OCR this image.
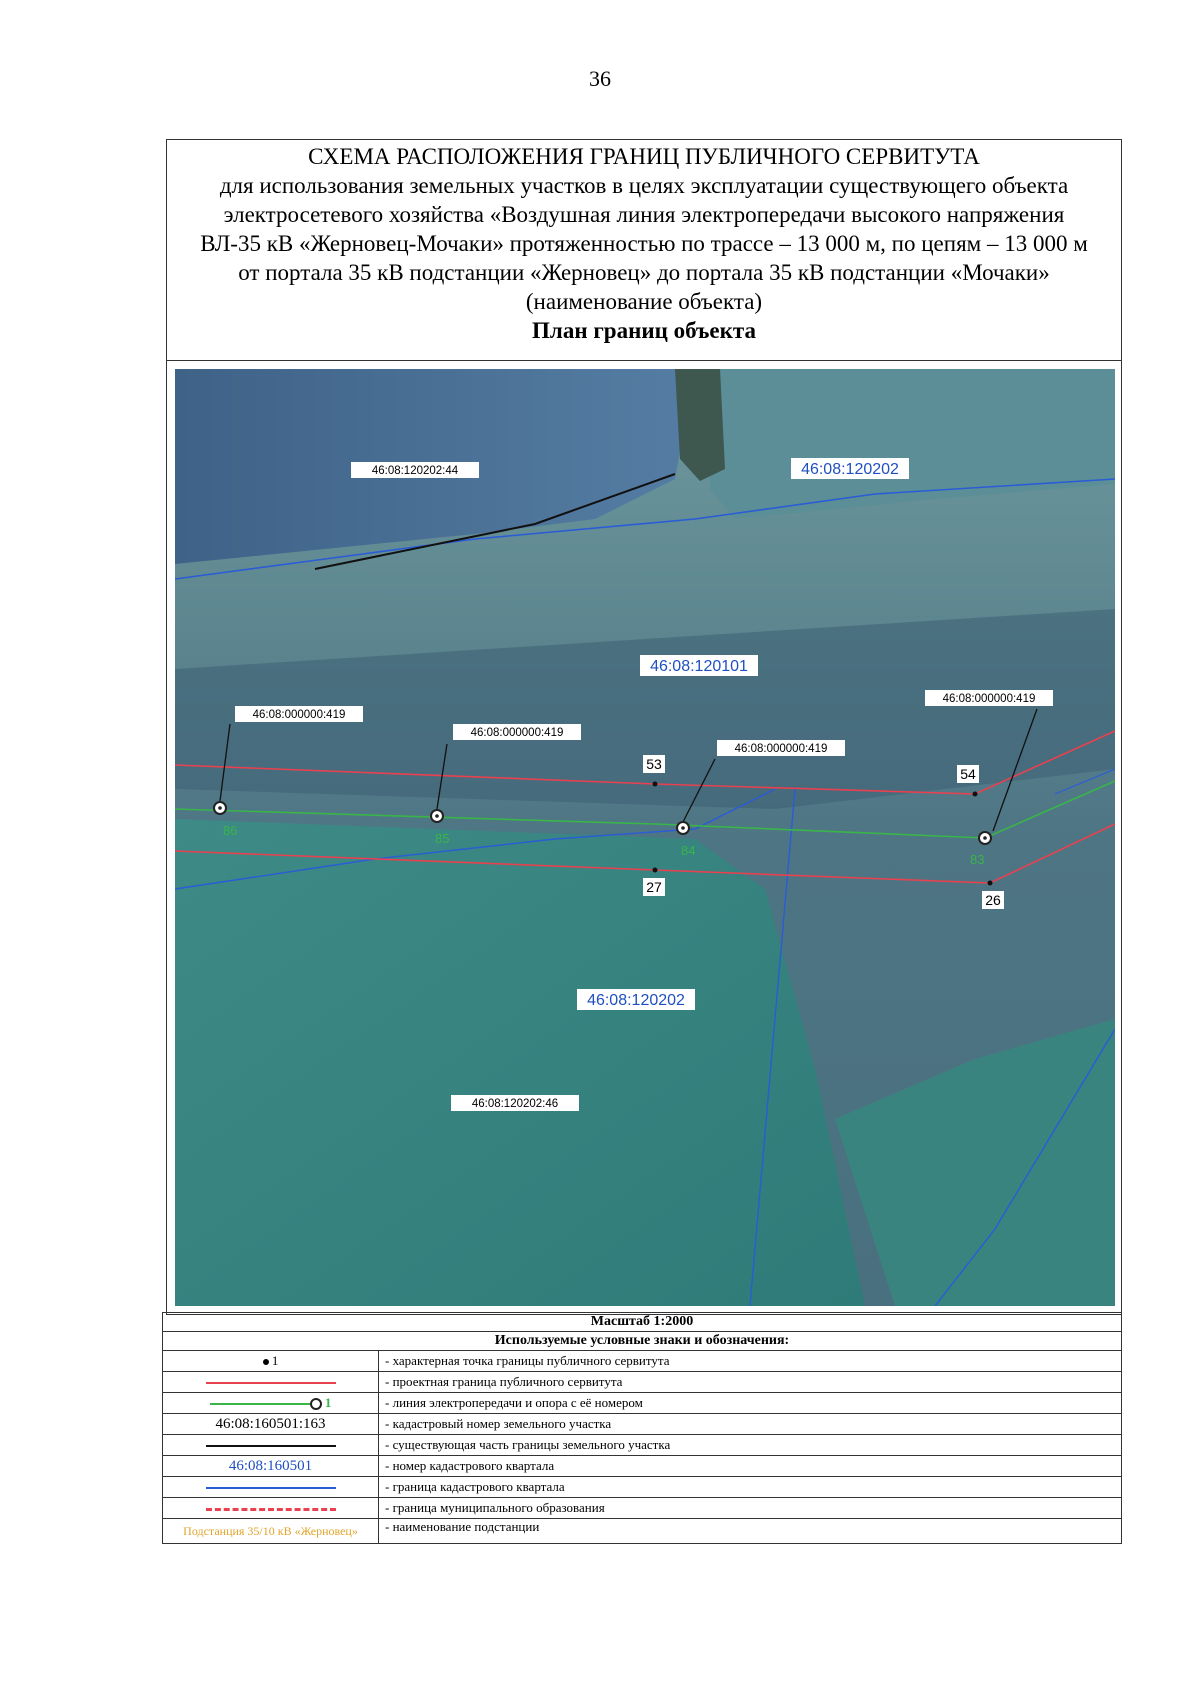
36
СХЕМА РАСПОЛОЖЕНИЯ ГРАНИЦ ПУБЛИЧНОГО СЕРВИТУТА
для использования земельных участков в целях эксплуатации существующего объекта
электросетевого хозяйства «Воздушная линия электропередачи высокого напряжения
ВЛ-35 кВ «Жерновец-Мочаки» протяженностью по трассе – 13 000 м, по цепям – 13 000 м
от портала 35 кВ подстанции «Жерновец» до портала 35 кВ подстанции «Мочаки»
(наименование объекта)
План границ объекта
86
85
84
83
53
54
27
26
46:08:120202:44
46:08:000000:419
46:08:000000:419
46:08:000000:419
46:08:000000:419
46:08:120202:46
46:08:120202
46:08:120101
46:08:120202
Масштаб 1:2000	
Используемые условные знаки и обозначения:	
1	- характерная точка границы публичного сервитута
	- проектная граница публичного сервитута
1	- линия электропередачи и опора с её номером
46:08:160501:163	- кадастровый номер земельного участка
	- существующая часть границы земельного участка
46:08:160501	- номер кадастрового квартала
	- граница кадастрового квартала
	- граница муниципального образования
Подстанция 35/10 кВ «Жерновец»	- наименование подстанции
